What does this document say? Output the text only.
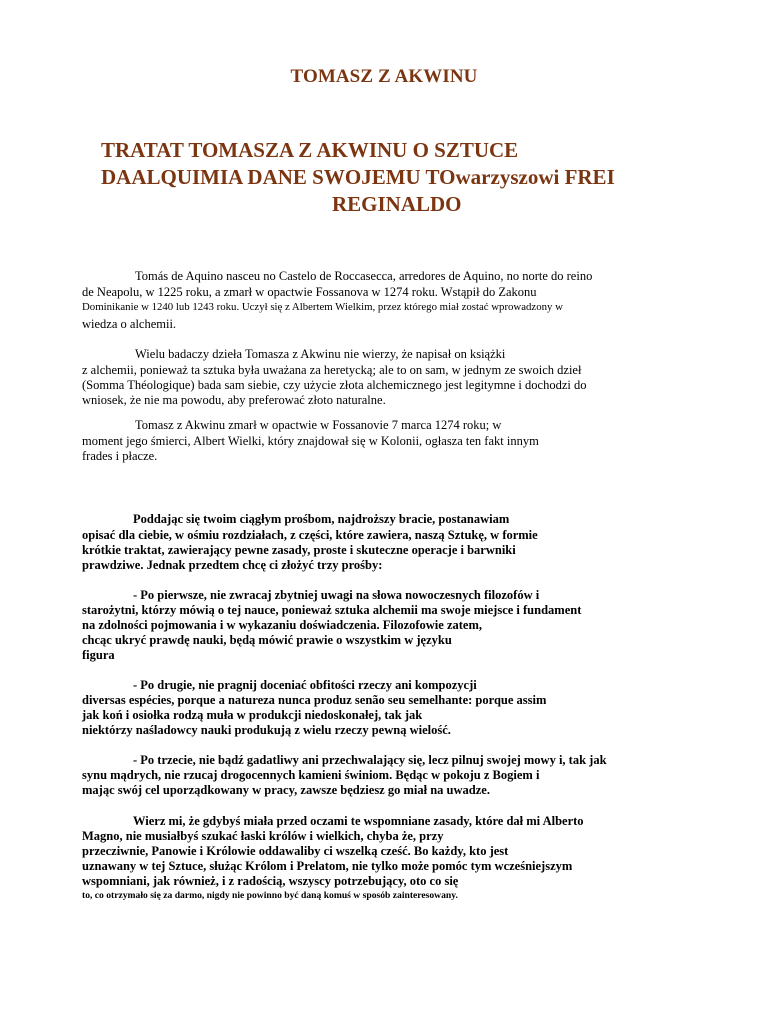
TOMASZ Z AKWINU
TRATAT TOMASZA Z AKWINU O SZTUCE
DAALQUIMIA DANE SWOJEMU TOwarzyszowi FREI
REGINALDO
Tomás de Aquino nasceu no Castelo de Roccasecca, arredores de Aquino, no norte do reino
de Neapolu, w 1225 roku, a zmarł w opactwie Fossanova w 1274 roku. Wstąpił do Zakonu
Dominikanie w 1240 lub 1243 roku. Uczył się z Albertem Wielkim, przez którego miał zostać wprowadzony w
wiedza o alchemii.
Wielu badaczy dzieła Tomasza z Akwinu nie wierzy, że napisał on książki
z alchemii, ponieważ ta sztuka była uważana za heretycką; ale to on sam, w jednym ze swoich dzieł
(Somma Théologique) bada sam siebie, czy użycie złota alchemicznego jest legitymne i dochodzi do
wniosek, że nie ma powodu, aby preferować złoto naturalne.
Tomasz z Akwinu zmarł w opactwie w Fossanovie 7 marca 1274 roku; w
moment jego śmierci, Albert Wielki, który znajdował się w Kolonii, ogłasza ten fakt innym
frades i płacze.
Poddając się twoim ciągłym prośbom, najdroższy bracie, postanawiam
opisać dla ciebie, w ośmiu rozdziałach, z części, które zawiera, naszą Sztukę, w formie
krótkie traktat, zawierający pewne zasady, proste i skuteczne operacje i barwniki
prawdziwe. Jednak przedtem chcę ci złożyć trzy prośby:
- Po pierwsze, nie zwracaj zbytniej uwagi na słowa nowoczesnych filozofów i
starożytni, którzy mówią o tej nauce, ponieważ sztuka alchemii ma swoje miejsce i fundament
na zdolności pojmowania i w wykazaniu doświadczenia. Filozofowie zatem,
chcąc ukryć prawdę nauki, będą mówić prawie o wszystkim w języku
figura
- Po drugie, nie pragnij doceniać obfitości rzeczy ani kompozycji
diversas espécies, porque a natureza nunca produz senão seu semelhante: porque assim
jak koń i osiołka rodzą muła w produkcji niedoskonałej, tak jak
niektórzy naśladowcy nauki produkują z wielu rzeczy pewną wielość.
- Po trzecie, nie bądź gadatliwy ani przechwalający się, lecz pilnuj swojej mowy i, tak jak
synu mądrych, nie rzucaj drogocennych kamieni świniom. Będąc w pokoju z Bogiem i
mając swój cel uporządkowany w pracy, zawsze będziesz go miał na uwadze.
Wierz mi, że gdybyś miała przed oczami te wspomniane zasady, które dał mi Alberto
Magno, nie musiałbyś szukać łaski królów i wielkich, chyba że, przy
przecziwnie, Panowie i Królowie oddawaliby ci wszelką cześć. Bo każdy, kto jest
uznawany w tej Sztuce, służąc Królom i Prelatom, nie tylko może pomóc tym wcześniejszym
wspomniani, jak również, i z radością, wszyscy potrzebujący, oto co się
to, co otrzymało się za darmo, nigdy nie powinno być daną komuś w sposób zainteresowany.
